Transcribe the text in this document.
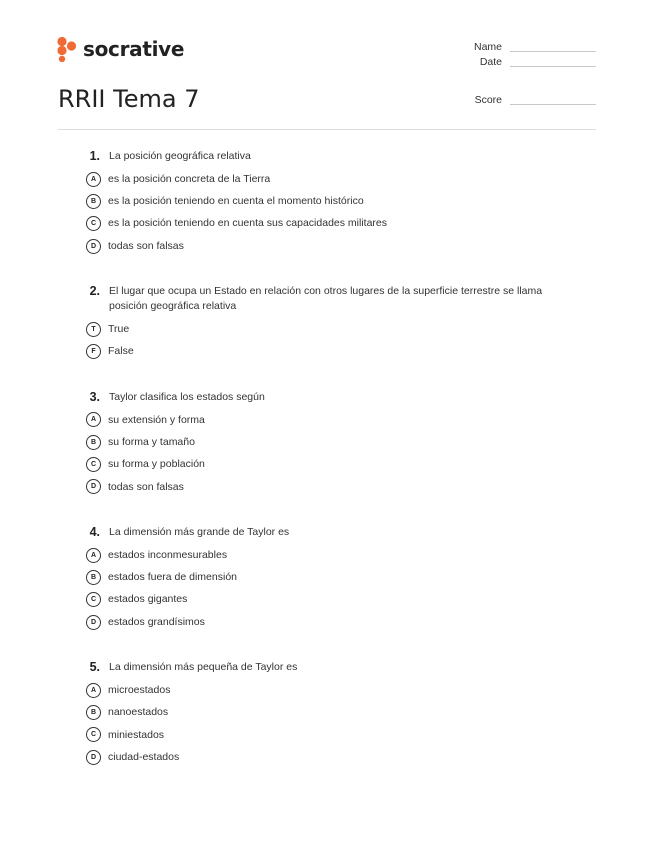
socrative
RRII Tema 7
Name
Date
Score
1. La posición geográfica relativa
A	es la posición concreta de la Tierra
B	es la posición teniendo en cuenta el momento histórico
C	es la posición teniendo en cuenta sus capacidades militares
D	todas son falsas
2. El lugar que ocupa un Estado en relación con otros lugares de la superficie terrestre se llama posición geográfica relativa
T	True
F	False
3. Taylor clasifica los estados según
A	su extensión y forma
B	su forma y tamaño
C	su forma y población
D	todas son falsas
4. La dimensión más grande de Taylor es
A	estados inconmesurables
B	estados fuera de dimensión
C	estados gigantes
D	estados grandísimos
5. La dimensión más pequeña de Taylor es
A	microestados
B	nanoestados
C	miniestados
D	ciudad-estados
